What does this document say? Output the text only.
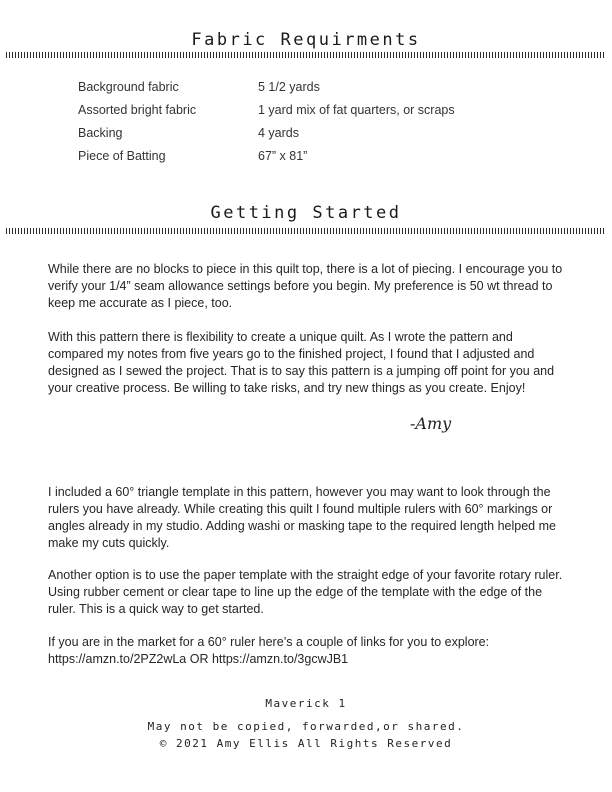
Fabric Requirments
Background fabric	5 1/2 yards
Assorted bright fabric	1 yard mix of fat quarters, or scraps
Backing	4 yards
Piece of Batting	67” x 81”
Getting Started

While there are no blocks to piece in this quilt top, there is a lot of piecing. I encourage you to verify your 1/4” seam allowance settings before you begin. My preference is 50 wt thread to keep me accurate as I piece, too.

With this pattern there is flexibility to create a unique quilt. As I wrote the pattern and compared my notes from five years go to the finished project, I found that I adjusted and designed as I sewed the project. That is to say this pattern is a jumping off point for you and your creative process. Be willing to take risks, and try new things as you create. Enjoy!

-Amy

I included a 60° triangle template in this pattern, however you may want to look through the rulers you have already. While creating this quilt I found multiple rulers with 60° markings or angles already in my studio. Adding washi or masking tape to the required length helped me make my cuts quickly.

Another option is to use the paper template with the straight edge of your favorite rotary ruler. Using rubber cement or clear tape to line up the edge of the template with the edge of the ruler. This is a quick way to get started.

If you are in the market for a 60° ruler here’s a couple of links for you to explore: https://amzn.to/2PZ2wLa OR https://amzn.to/3gcwJB1

Maverick 1
May not be copied, forwarded,or shared.
© 2021 Amy Ellis All Rights Reserved
